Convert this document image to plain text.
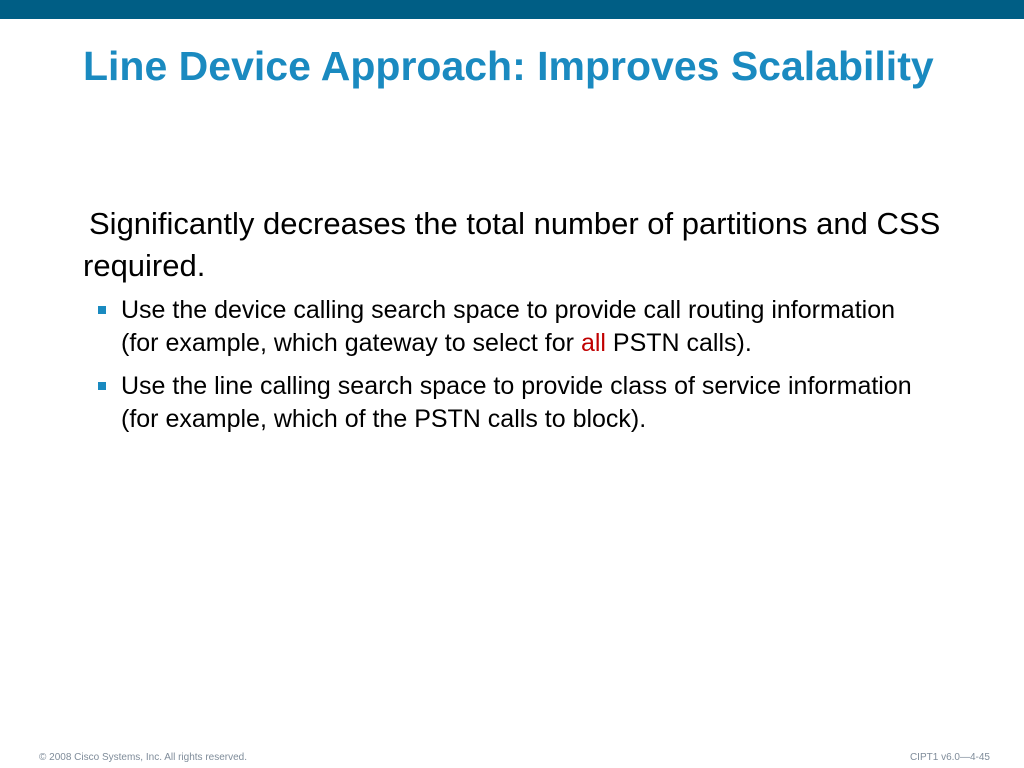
Line Device Approach: Improves Scalability

Significantly decreases the total number of partitions and CSS required.

Use the device calling search space to provide call routing information (for example, which gateway to select for all PSTN calls).
Use the line calling search space to provide class of service information (for example, which of the PSTN calls to block).
© 2008 Cisco Systems, Inc. All rights reserved.	CIPT1 v6.0—4-45
